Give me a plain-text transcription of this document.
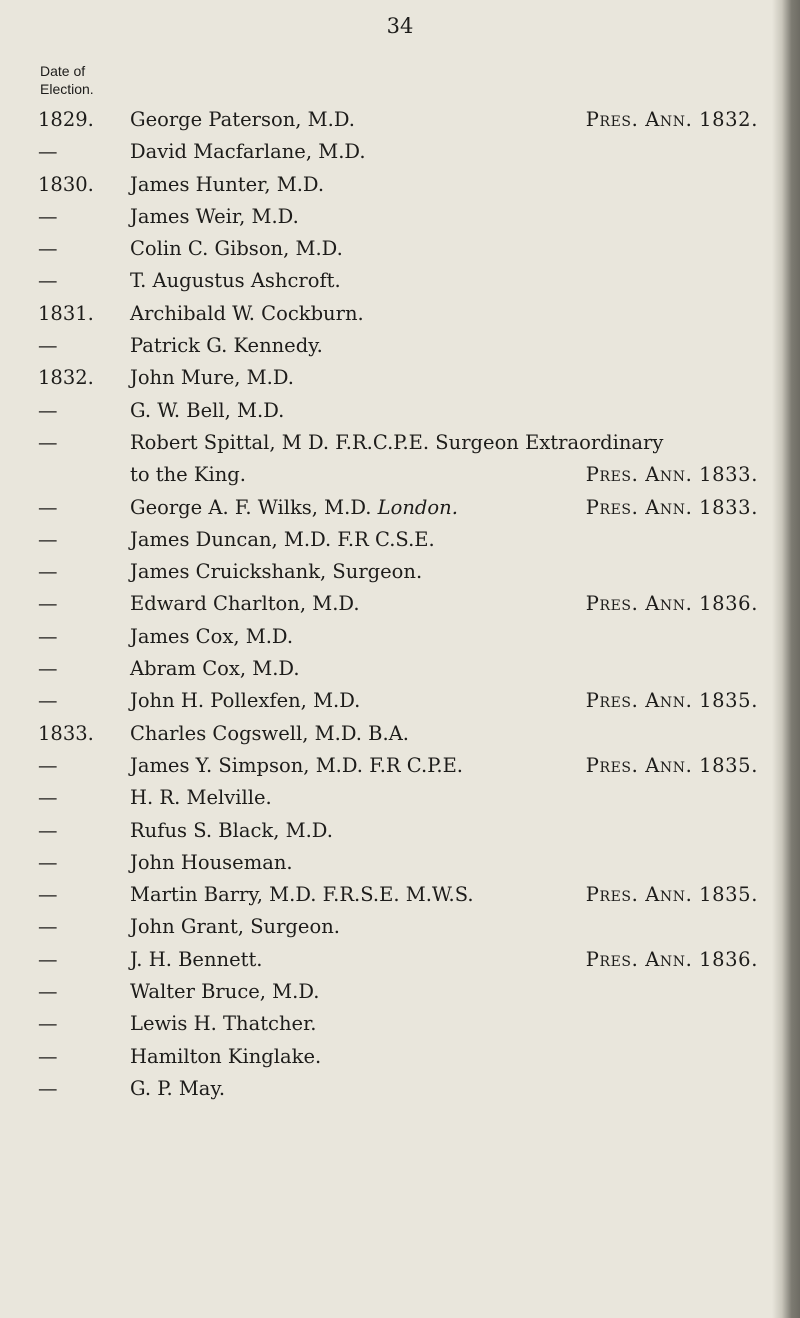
34
Date of
Election.
1829.	George Paterson, M.D.	Pres. Ann. 1832.
—	David Macfarlane, M.D.
1830.	James Hunter, M.D.
—	James Weir, M.D.
—	Colin C. Gibson, M.D.
—	T. Augustus Ashcroft.
1831.	Archibald W. Cockburn.
—	Patrick G. Kennedy.
1832.	John Mure, M.D.
—	G. W. Bell, M.D.
—	Robert Spittal, M D. F.R.C.P.E. Surgeon Extraordinary
to the King.	Pres. Ann. 1833.
—	George A. F. Wilks, M.D. London.	Pres. Ann. 1833.
—	James Duncan, M.D. F.R C.S.E.
—	James Cruickshank, Surgeon.
—	Edward Charlton, M.D.	Pres. Ann. 1836.
—	James Cox, M.D.
—	Abram Cox, M.D.
—	John H. Pollexfen, M.D.	Pres. Ann. 1835.
1833.	Charles Cogswell, M.D. B.A.
—	James Y. Simpson, M.D. F.R C.P.E.	Pres. Ann. 1835.
—	H. R. Melville.
—	Rufus S. Black, M.D.
—	John Houseman.
—	Martin Barry, M.D. F.R.S.E. M.W.S.	Pres. Ann. 1835.
—	John Grant, Surgeon.
—	J. H. Bennett.	Pres. Ann. 1836.
—	Walter Bruce, M.D.
—	Lewis H. Thatcher.
—	Hamilton Kinglake.
—	G. P. May.
